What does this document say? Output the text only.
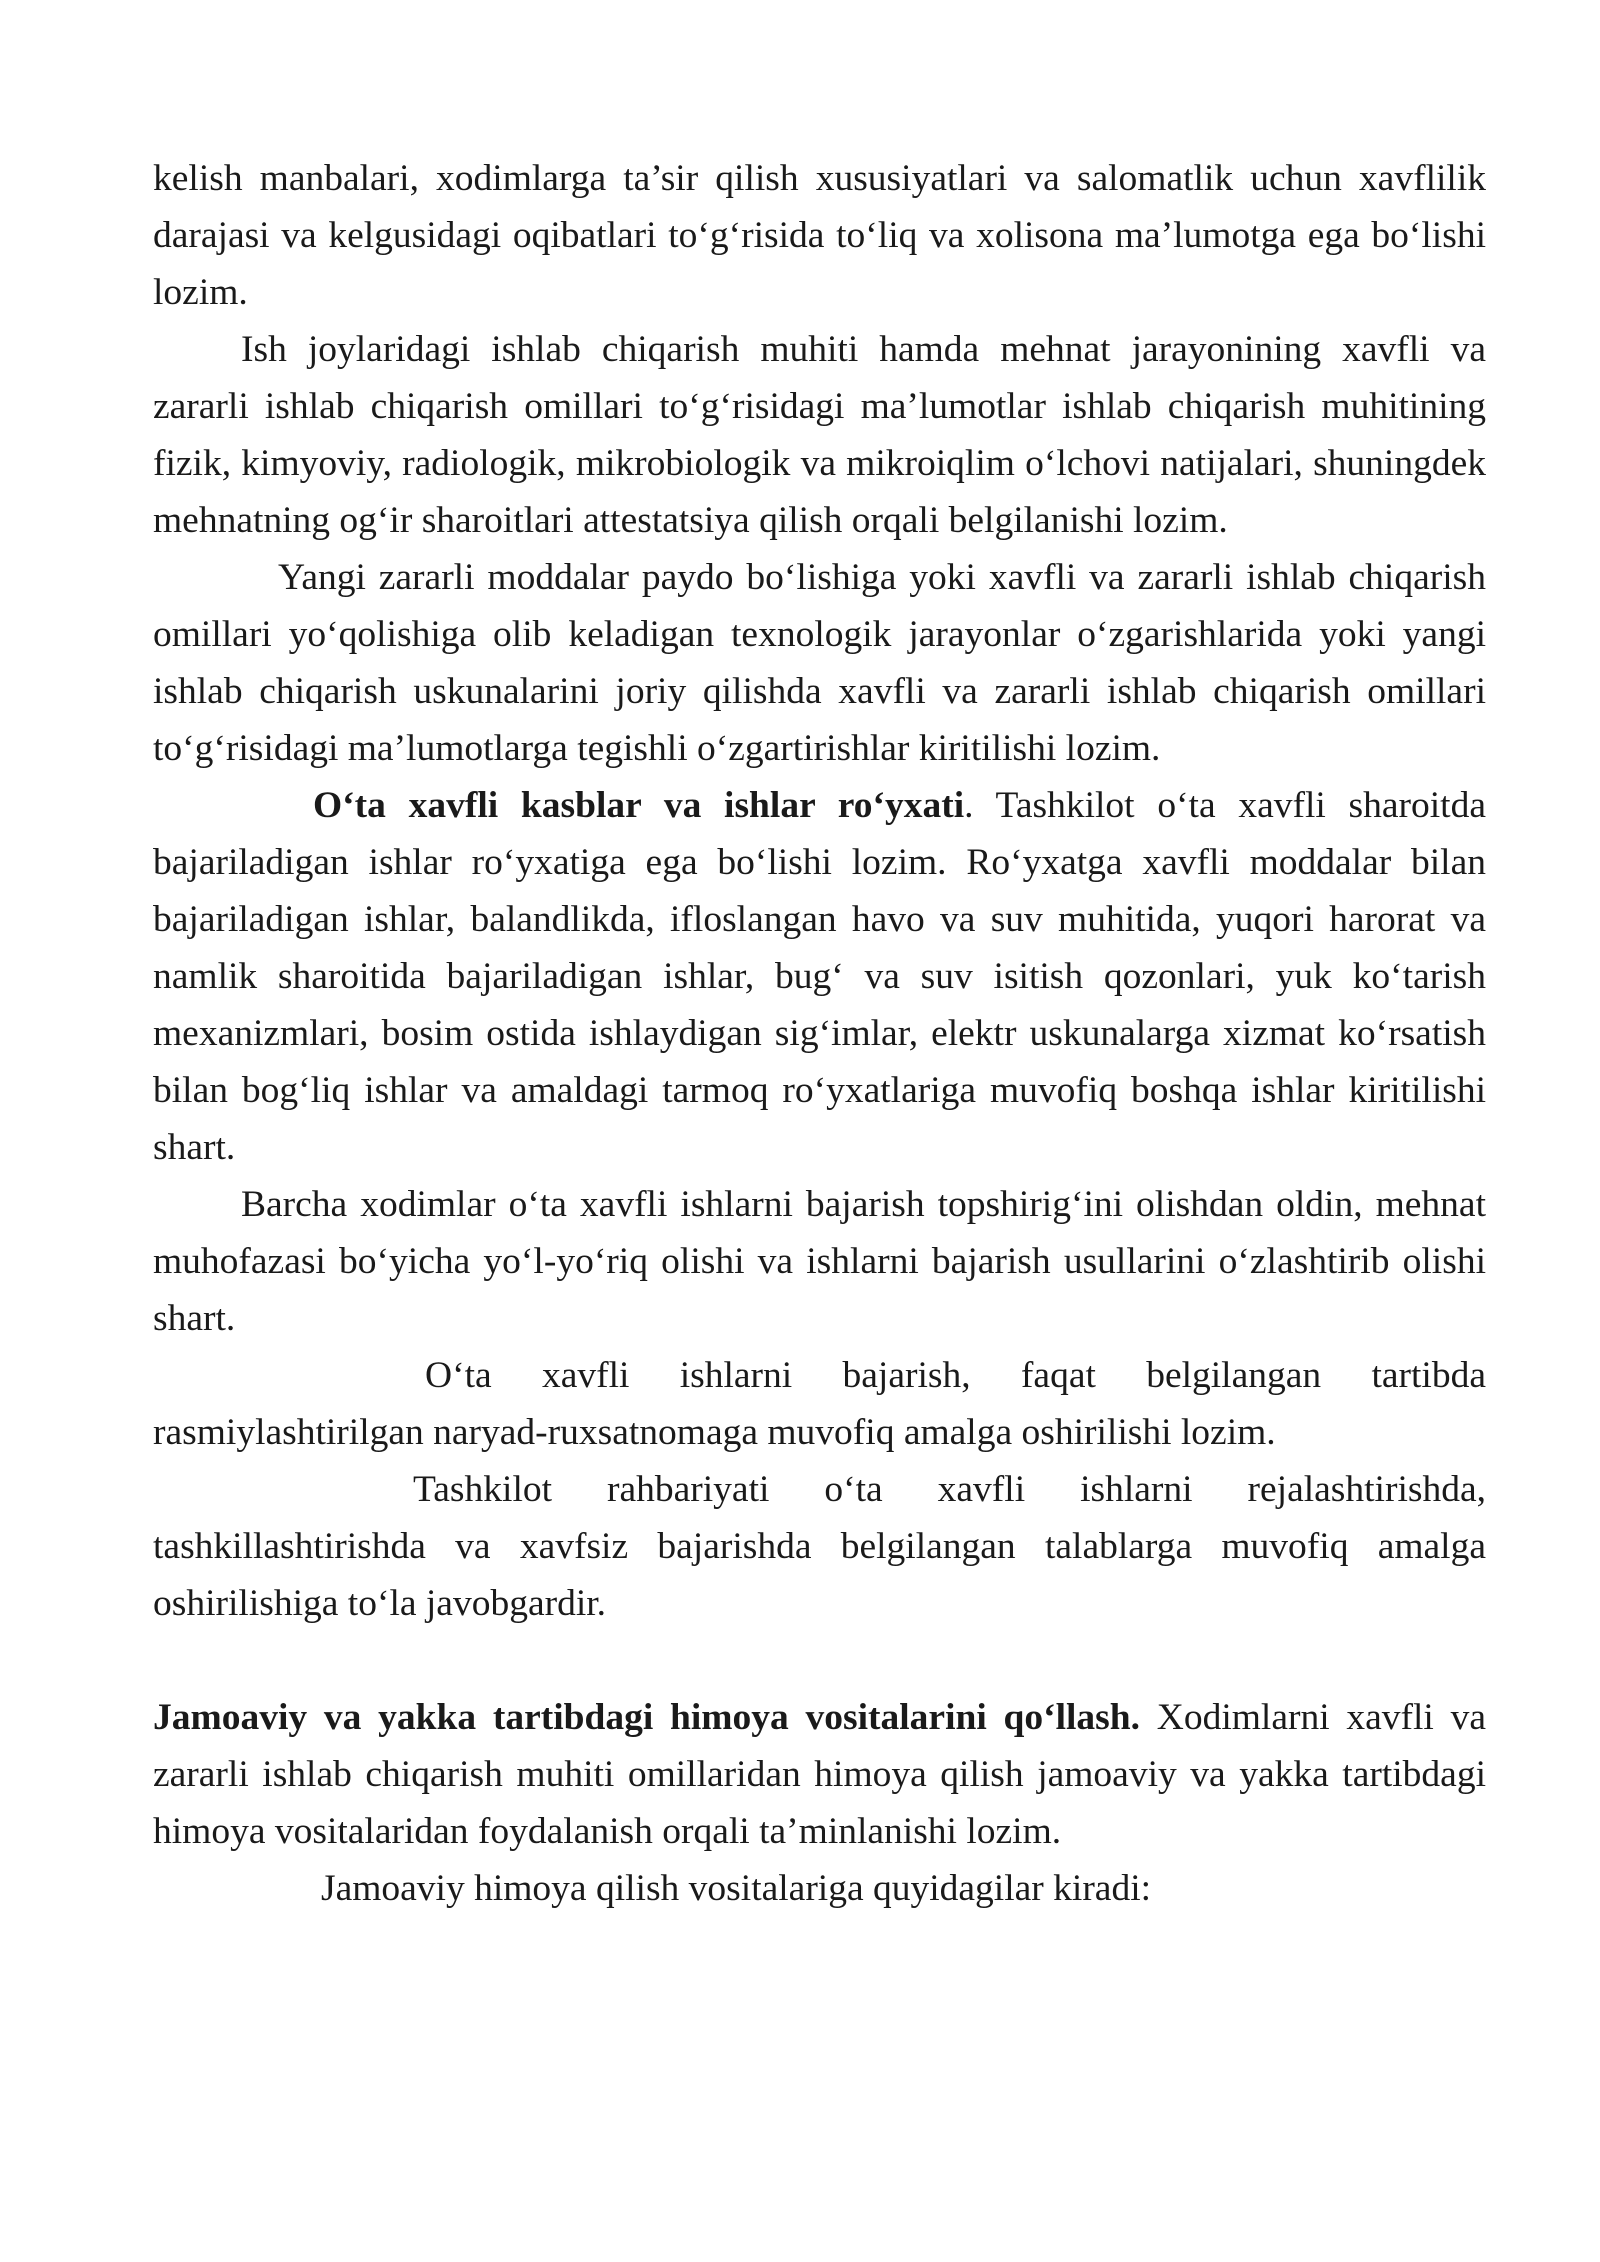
kelish manbalari, xodimlarga ta’sir qilish xususiyatlari va salomatlik uchun xavflilik darajasi va kelgusidagi oqibatlari to‘g‘risida to‘liq va xolisona ma’lumotga ega bo‘lishi lozim.

Ish joylaridagi ishlab chiqarish muhiti hamda mehnat jarayonining xavfli va zararli ishlab chiqarish omillari to‘g‘risidagi ma’lumotlar ishlab chiqarish muhitining fizik, kimyoviy, radiologik, mikrobiologik va mikroiqlim o‘lchovi natijalari, shuningdek mehnatning og‘ir sharoitlari attestatsiya qilish orqali belgilanishi lozim.

Yangi zararli moddalar paydo bo‘lishiga yoki xavfli va zararli ishlab chiqarish omillari yo‘qolishiga olib keladigan texnologik jarayonlar o‘zgarishlarida yoki yangi ishlab chiqarish uskunalarini joriy qilishda xavfli va zararli ishlab chiqarish omillari to‘g‘risidagi ma’lumotlarga tegishli o‘zgartirishlar kiritilishi lozim.

O‘ta xavfli kasblar va ishlar ro‘yxati. Tashkilot o‘ta xavfli sharoitda bajariladigan ishlar ro‘yxatiga ega bo‘lishi lozim. Ro‘yxatga xavfli moddalar bilan bajariladigan ishlar, balandlikda, ifloslangan havo va suv muhitida, yuqori harorat va namlik sharoitida bajariladigan ishlar, bug‘ va suv isitish qozonlari, yuk ko‘tarish mexanizmlari, bosim ostida ishlaydigan sig‘imlar, elektr uskunalarga xizmat ko‘rsatish bilan bog‘liq ishlar va amaldagi tarmoq ro‘yxatlariga muvofiq boshqa ishlar kiritilishi shart.

Barcha xodimlar o‘ta xavfli ishlarni bajarish topshirig‘ini olishdan oldin, mehnat muhofazasi bo‘yicha yo‘l-yo‘riq olishi va ishlarni bajarish usullarini o‘zlashtirib olishi shart.

O‘ta xavfli ishlarni bajarish, faqat belgilangan tartibda rasmiylashtirilgan naryad-ruxsatnomaga muvofiq amalga oshirilishi lozim.

Tashkilot rahbariyati o‘ta xavfli ishlarni rejalashtirishda, tashkillashtirishda va xavfsiz bajarishda belgilangan talablarga muvofiq amalga oshirilishiga to‘la javobgardir.

Jamoaviy va yakka tartibdagi himoya vositalarini qo‘llash. Xodimlarni xavfli va zararli ishlab chiqarish muhiti omillaridan himoya qilish jamoaviy va yakka tartibdagi himoya vositalaridan foydalanish orqali ta’minlanishi lozim.

Jamoaviy himoya qilish vositalariga quyidagilar kiradi:
